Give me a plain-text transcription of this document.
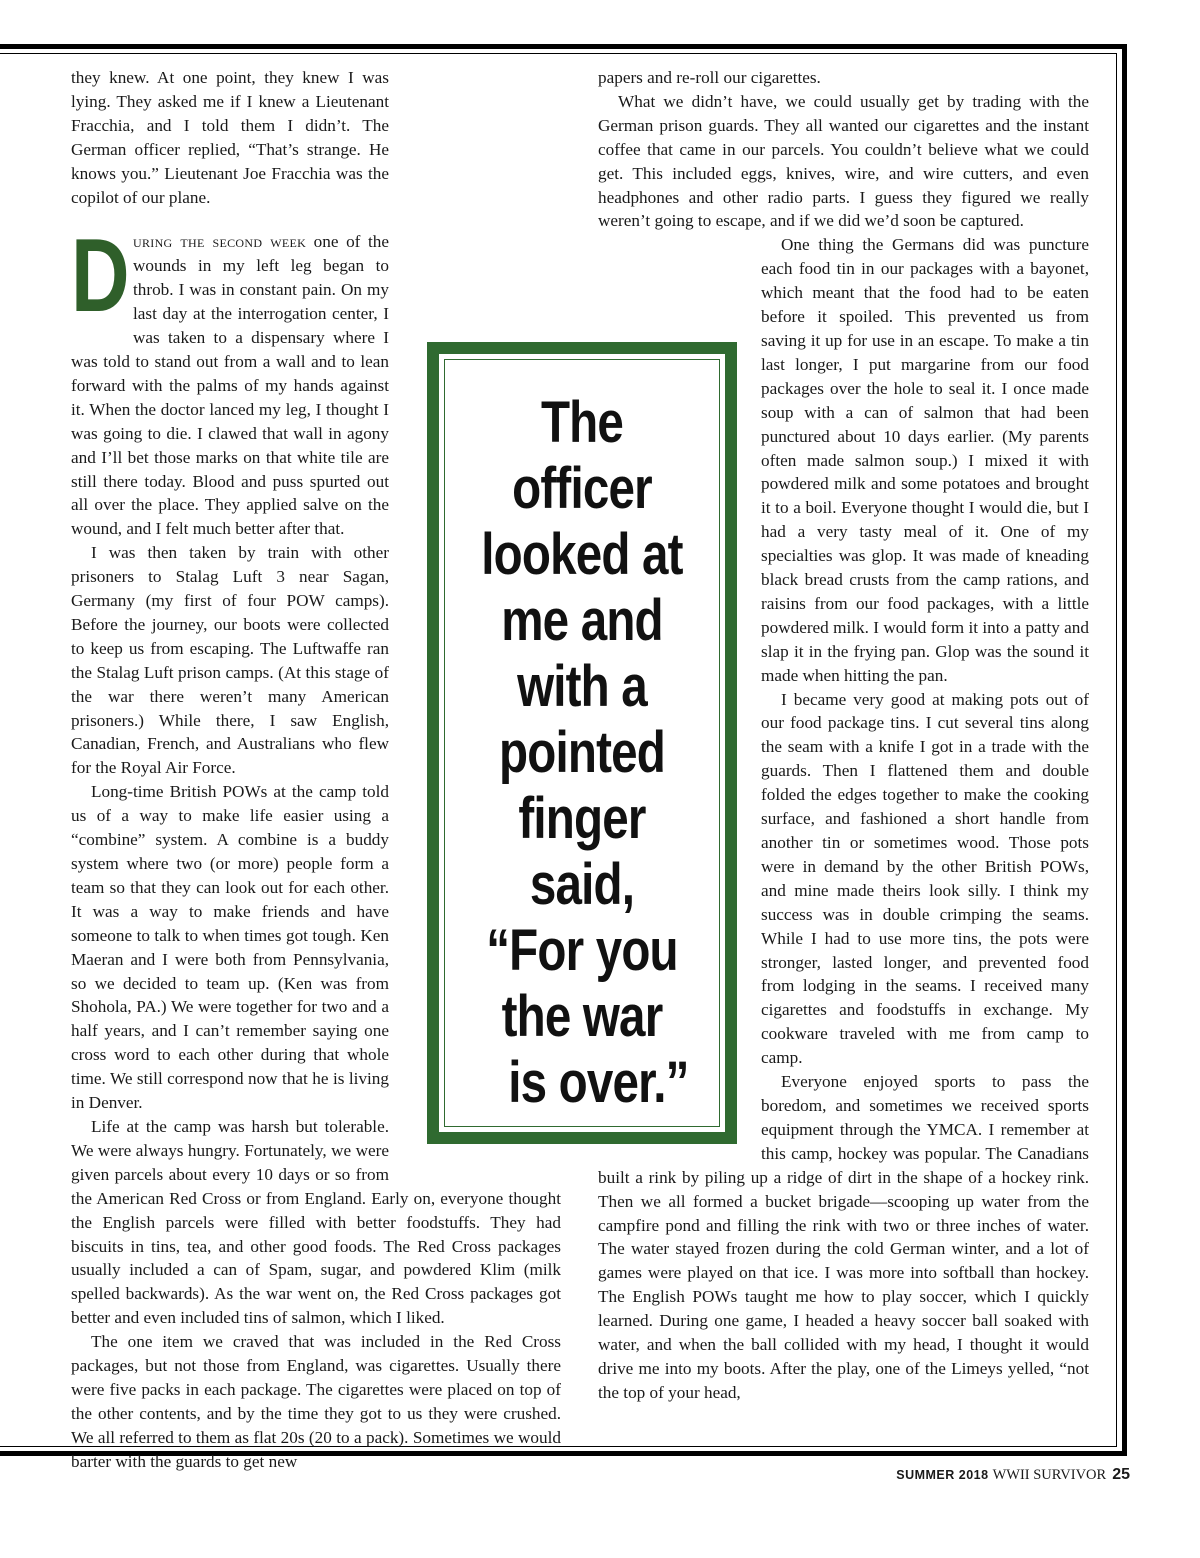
they knew. At one point, they knew I was lying. They asked me if I knew a Lieutenant Fracchia, and I told them I didn’t. The German officer replied, “That’s strange. He knows you.” Lieutenant Joe Fracchia was the copilot of our plane.

During the second week one of the wounds in my left leg began to throb. I was in constant pain. On my last day at the interrogation center, I was taken to a dispensary where I was told to stand out from a wall and to lean forward with the palms of my hands against it. When the doctor lanced my leg, I thought I was going to die. I clawed that wall in agony and I’ll bet those marks on that white tile are still there today. Blood and puss spurted out all over the place. They applied salve on the wound, and I felt much better after that.

I was then taken by train with other prisoners to Stalag Luft 3 near Sagan, Germany (my first of four POW camps). Before the journey, our boots were collected to keep us from escaping. The Luftwaffe ran the Stalag Luft prison camps. (At this stage of the war there weren’t many American prisoners.) While there, I saw English, Canadian, French, and Australians who flew for the Royal Air Force.

Long-time British POWs at the camp told us of a way to make life easier using a “combine” system. A combine is a buddy system where two (or more) people form a team so that they can look out for each other. It was a way to make friends and have someone to talk to when times got tough. Ken Maeran and I were both from Pennsylvania, so we decided to team up. (Ken was from Shohola, PA.) We were together for two and a half years, and I can’t remember saying one cross word to each other during that whole time. We still correspond now that he is living in Denver.

Life at the camp was harsh but tolerable. We were always hungry. Fortunately, we were given parcels about every 10 days or so from the American Red Cross or from England. Early on, everyone thought the English parcels were filled with better foodstuffs. They had biscuits in tins, tea, and other good foods. The Red Cross packages usually included a can of Spam, sugar, and powdered Klim (milk spelled backwards). As the war went on, the Red Cross packages got better and even included tins of salmon, which I liked.

The one item we craved that was included in the Red Cross packages, but not those from England, was cigarettes. Usually there were five packs in each package. The cigarettes were placed on top of the other contents, and by the time they got to us they were crushed. We all referred to them as flat 20s (20 to a pack). Sometimes we would barter with the guards to get new

papers and re-roll our cigarettes.

What we didn’t have, we could usually get by trading with the German prison guards. They all wanted our cigarettes and the instant coffee that came in our parcels. You couldn’t believe what we could get. This included eggs, knives, wire, and wire cutters, and even headphones and other radio parts. I guess they figured we really weren’t going to escape, and if we did we’d soon be captured.

One thing the Germans did was puncture each food tin in our packages with a bayonet, which meant that the food had to be eaten before it spoiled. This prevented us from saving it up for use in an escape. To make a tin last longer, I put margarine from our food packages over the hole to seal it. I once made soup with a can of salmon that had been punctured about 10 days earlier. (My parents often made salmon soup.) I mixed it with powdered milk and some potatoes and brought it to a boil. Everyone thought I would die, but I had a very tasty meal of it. One of my specialties was glop. It was made of kneading black bread crusts from the camp rations, and raisins from our food packages, with a little powdered milk. I would form it into a patty and slap it in the frying pan. Glop was the sound it made when hitting the pan.

I became very good at making pots out of our food package tins. I cut several tins along the seam with a knife I got in a trade with the guards. Then I flattened them and double folded the edges together to make the cooking surface, and fashioned a short handle from another tin or sometimes wood. Those pots were in demand by the other British POWs, and mine made theirs look silly. I think my success was in double crimping the seams. While I had to use more tins, the pots were stronger, lasted longer, and prevented food from lodging in the seams. I received many cigarettes and foodstuffs in exchange. My cookware traveled with me from camp to camp.

Everyone enjoyed sports to pass the boredom, and sometimes we received sports equipment through the YMCA. I remember at this camp, hockey was popular. The Canadians built a rink by piling up a ridge of dirt in the shape of a hockey rink. Then we all formed a bucket brigade—scooping up water from the campfire pond and filling the rink with two or three inches of water. The water stayed frozen during the cold German winter, and a lot of games were played on that ice. I was more into softball than hockey. The English POWs taught me how to play soccer, which I quickly learned. During one game, I headed a heavy soccer ball soaked with water, and when the ball collided with my head, I thought it would drive me into my boots. After the play, one of the Limeys yelled, “not the top of your head,

The
officer
looked at
me and
with a
pointed
finger
said,
“For you
the war
is over.”
SUMMER 2018 WWII SURVIVOR 25
